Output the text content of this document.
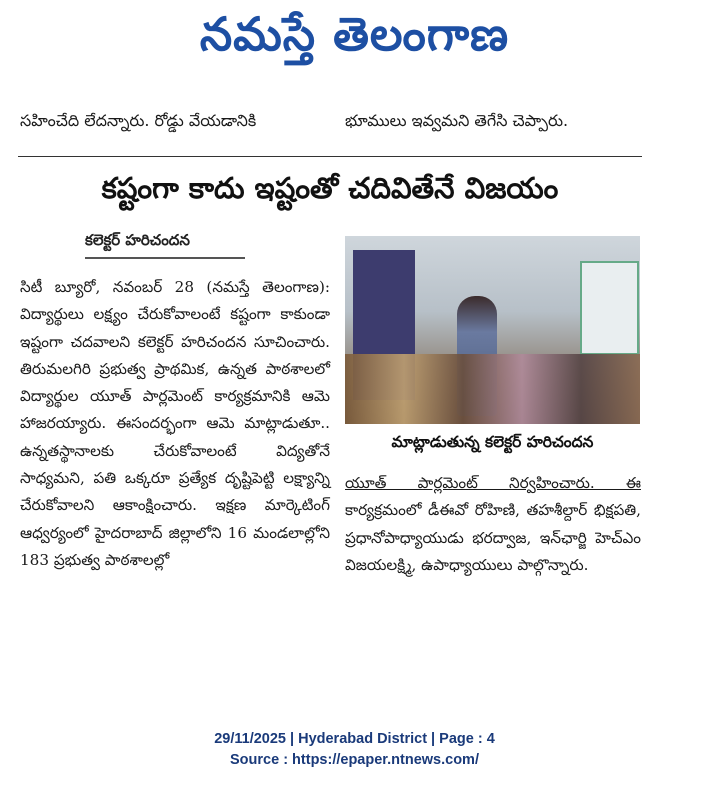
నమస్తే తెలంగాణ
సహించేది లేదన్నారు. రోడ్డు వేయడానికి	భూములు ఇవ్వమని తెగేసి చెప్పారు.
కష్టంగా కాదు ఇష్టంతో చదివితేనే విజయం
కలెక్టర్ హరిచందన
సిటీ బ్యూరో, నవంబర్ 28 (నమస్తే తెలంగాణ): విద్యార్థులు లక్ష్యం చేరుకోవాలంటే కష్టంగా కాకుండా ఇష్టంగా చదవాలని కలెక్టర్ హరిచందన సూచించారు. తిరుమలగిరి ప్రభుత్వ ప్రాథమిక, ఉన్నత పాఠశాలలో విద్యార్థుల యూత్ పార్లమెంట్ కార్యక్రమానికి ఆమె హాజరయ్యారు. ఈసందర్భంగా ఆమె మాట్లాడుతూ.. ఉన్నతస్థానాలకు చేరుకోవాలంటే విద్యతోనే సాధ్యమని, పతి ఒక్కరూ ప్రత్యేక దృష్టిపెట్టి లక్ష్యాన్ని చేరుకోవాలని ఆకాంక్షించారు. ఇక్షణ మార్కెటింగ్ ఆధ్వర్యంలో హైదరాబాద్ జిల్లాలోని 16 మండలాల్లోని 183 ప్రభుత్వ పాఠశాలల్లో
మాట్లాడుతున్న కలెక్టర్ హరిచందన
యూత్ పార్లమెంట్ నిర్వహించారు. ఈ కార్యక్రమంలో డీఈవో రోహిణి, తహశీల్దార్ భిక్షపతి, ప్రధానోపాధ్యాయుడు భరద్వాజ, ఇన్‌ఛార్జి హెచ్ఎం విజయలక్ష్మి, ఉపాధ్యాయులు పాల్గొన్నారు.
29/11/2025 | Hyderabad District | Page : 4
Source : https://epaper.ntnews.com/
